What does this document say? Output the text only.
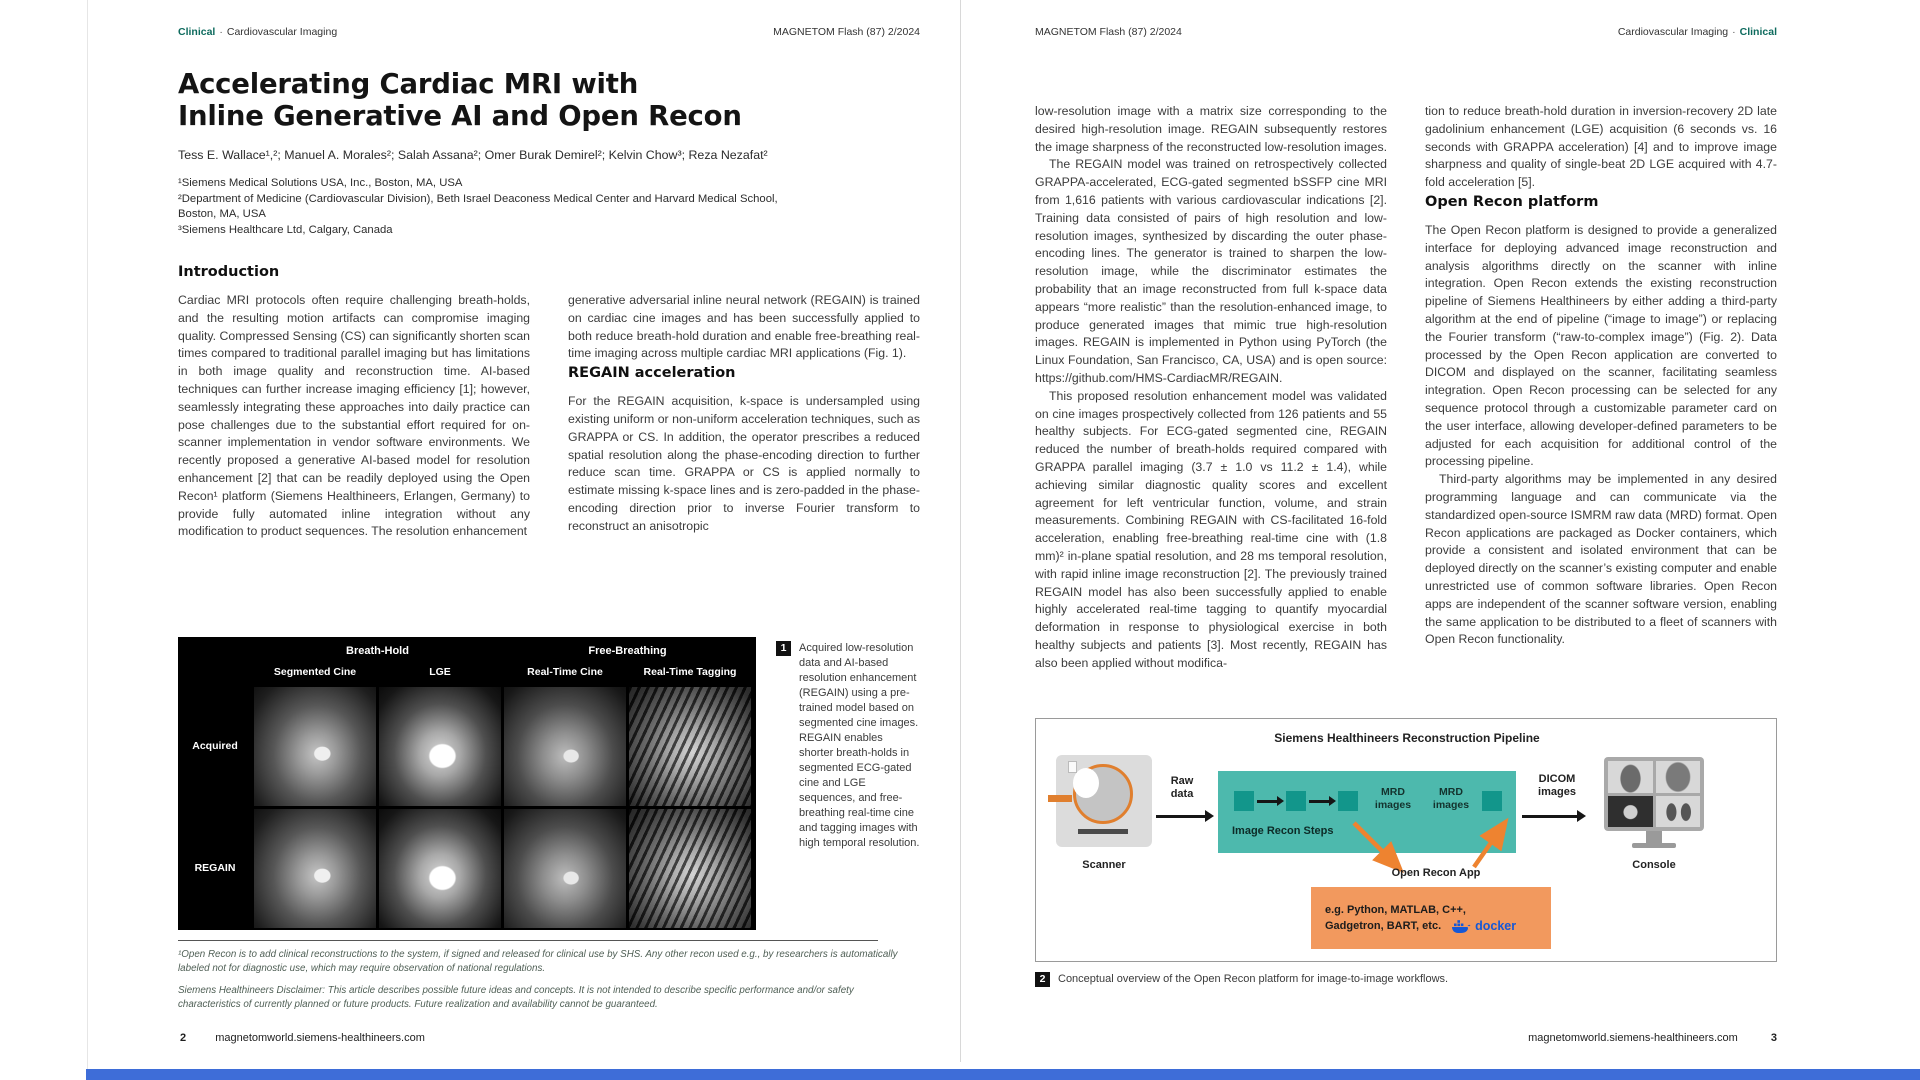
Clinical · Cardiovascular Imaging	MAGNETOM Flash (87) 2/2024
Accelerating Cardiac MRI with
Inline Generative AI and Open Recon
Tess E. Wallace¹,²; Manuel A. Morales²; Salah Assana²; Omer Burak Demirel²; Kelvin Chow³; Reza Nezafat²
¹Siemens Medical Solutions USA, Inc., Boston, MA, USA
²Department of Medicine (Cardiovascular Division), Beth Israel Deaconess Medical Center and Harvard Medical School, Boston, MA, USA
³Siemens Healthcare Ltd, Calgary, Canada
Introduction

Cardiac MRI protocols often require challenging breath-holds, and the resulting motion artifacts can compromise imaging quality. Compressed Sensing (CS) can significantly shorten scan times compared to traditional parallel imaging but has limitations in both image quality and reconstruction time. AI-based techniques can further increase imaging efficiency [1]; however, seamlessly integrating these approaches into daily practice can pose challenges due to the substantial effort required for on-scanner implementation in vendor software environments. We recently proposed a generative AI-based model for resolution enhancement [2] that can be readily deployed using the Open Recon¹ platform (Siemens Healthineers, Erlangen, Germany) to provide fully automated inline integration without any modification to product sequences. The resolution enhancement

generative adversarial inline neural network (REGAIN) is trained on cardiac cine images and has been successfully applied to both reduce breath-hold duration and enable free-breathing real-time imaging across multiple cardiac MRI applications (Fig. 1).

REGAIN acceleration

For the REGAIN acquisition, k-space is undersampled using existing uniform or non-uniform acceleration techniques, such as GRAPPA or CS. In addition, the operator prescribes a reduced spatial resolution along the phase-encoding direction to further reduce scan time. GRAPPA or CS is applied normally to estimate missing k-space lines and is zero-padded in the phase-encoding direction prior to inverse Fourier transform to reconstruct an anisotropic

Breath-Hold	Free-Breathing
Segmented Cine	LGE	Real-Time Cine	Real-Time Tagging
Acquired
REGAIN
1	Acquired low-resolution data and AI-based resolution enhancement (REGAIN) using a pre-trained model based on segmented cine images. REGAIN enables shorter breath-holds in segmented ECG-gated cine and LGE sequences, and free-breathing real-time cine and tagging images with high temporal resolution.
¹Open Recon is to add clinical reconstructions to the system, if signed and released for clinical use by SHS. Any other recon used e.g., by researchers is automatically labeled not for diagnostic use, which may require observation of national regulations.
Siemens Healthineers Disclaimer: This article describes possible future ideas and concepts. It is not intended to describe specific performance and/or safety characteristics of currently planned or future products. Future realization and availability cannot be guaranteed.
2	magnetomworld.siemens-healthineers.com
MAGNETOM Flash (87) 2/2024	Cardiovascular Imaging · Clinical

low-resolution image with a matrix size corresponding to the desired high-resolution image. REGAIN subsequently restores the image sharpness of the reconstructed low-resolution images.

The REGAIN model was trained on retrospectively collected GRAPPA-accelerated, ECG-gated segmented bSSFP cine MRI from 1,616 patients with various cardiovascular indications [2]. Training data consisted of pairs of high resolution and low-resolution images, synthesized by discarding the outer phase-encoding lines. The generator is trained to sharpen the low-resolution image, while the discriminator estimates the probability that an image reconstructed from full k-space data appears “more realistic” than the resolution-enhanced image, to produce generated images that mimic true high-resolution images. REGAIN is implemented in Python using PyTorch (the Linux Foundation, San Francisco, CA, USA) and is open source: https://github.com/HMS-CardiacMR/REGAIN.

This proposed resolution enhancement model was validated on cine images prospectively collected from 126 patients and 55 healthy subjects. For ECG-gated segmented cine, REGAIN reduced the number of breath-holds required compared with GRAPPA parallel imaging (3.7 ± 1.0 vs 11.2 ± 1.4), while achieving similar diagnostic quality scores and excellent agreement for left ventricular function, volume, and strain measurements. Combining REGAIN with CS-facilitated 16-fold acceleration, enabling free-breathing real-time cine with (1.8 mm)² in-plane spatial resolution, and 28 ms temporal resolution, with rapid inline image reconstruction [2]. The previously trained REGAIN model has also been successfully applied to enable highly accelerated real-time tagging to quantify myocardial deformation in response to physiological exercise in both healthy subjects and patients [3]. Most recently, REGAIN has also been applied without modifica-

tion to reduce breath-hold duration in inversion-recovery 2D late gadolinium enhancement (LGE) acquisition (6 seconds vs. 16 seconds with GRAPPA acceleration) [4] and to improve image sharpness and quality of single-beat 2D LGE acquired with 4.7-fold acceleration [5].

Open Recon platform

The Open Recon platform is designed to provide a generalized interface for deploying advanced image reconstruction and analysis algorithms directly on the scanner with inline integration. Open Recon extends the existing reconstruction pipeline of Siemens Healthineers by either adding a third-party algorithm at the end of pipeline (“image to image”) or replacing the Fourier transform (“raw-to-complex image”) (Fig. 2). Data processed by the Open Recon application are converted to DICOM and displayed on the scanner, facilitating seamless integration. Open Recon processing can be selected for any sequence protocol through a customizable parameter card on the user interface, allowing developer-defined parameters to be adjusted for each acquisition for additional control of the processing pipeline.

Third-party algorithms may be implemented in any desired programming language and can communicate via the standardized open-source ISMRM raw data (MRD) format. Open Recon applications are packaged as Docker containers, which provide a consistent and isolated environment that can be deployed directly on the scanner’s existing computer and enable unrestricted use of common software libraries. Open Recon apps are independent of the scanner software version, enabling the same application to be distributed to a fleet of scanners with Open Recon functionality.

Siemens Healthineers Reconstruction Pipeline
Scanner
Raw data	MRD images
MRD images
Image Recon Steps
DICOM images
Console
Open Recon App
e.g. Python, MATLAB, C++,
Gadgetron, BART, etc.	docker
2	Conceptual overview of the Open Recon platform for image-to-image workflows.
magnetomworld.siemens-healthineers.com	3
